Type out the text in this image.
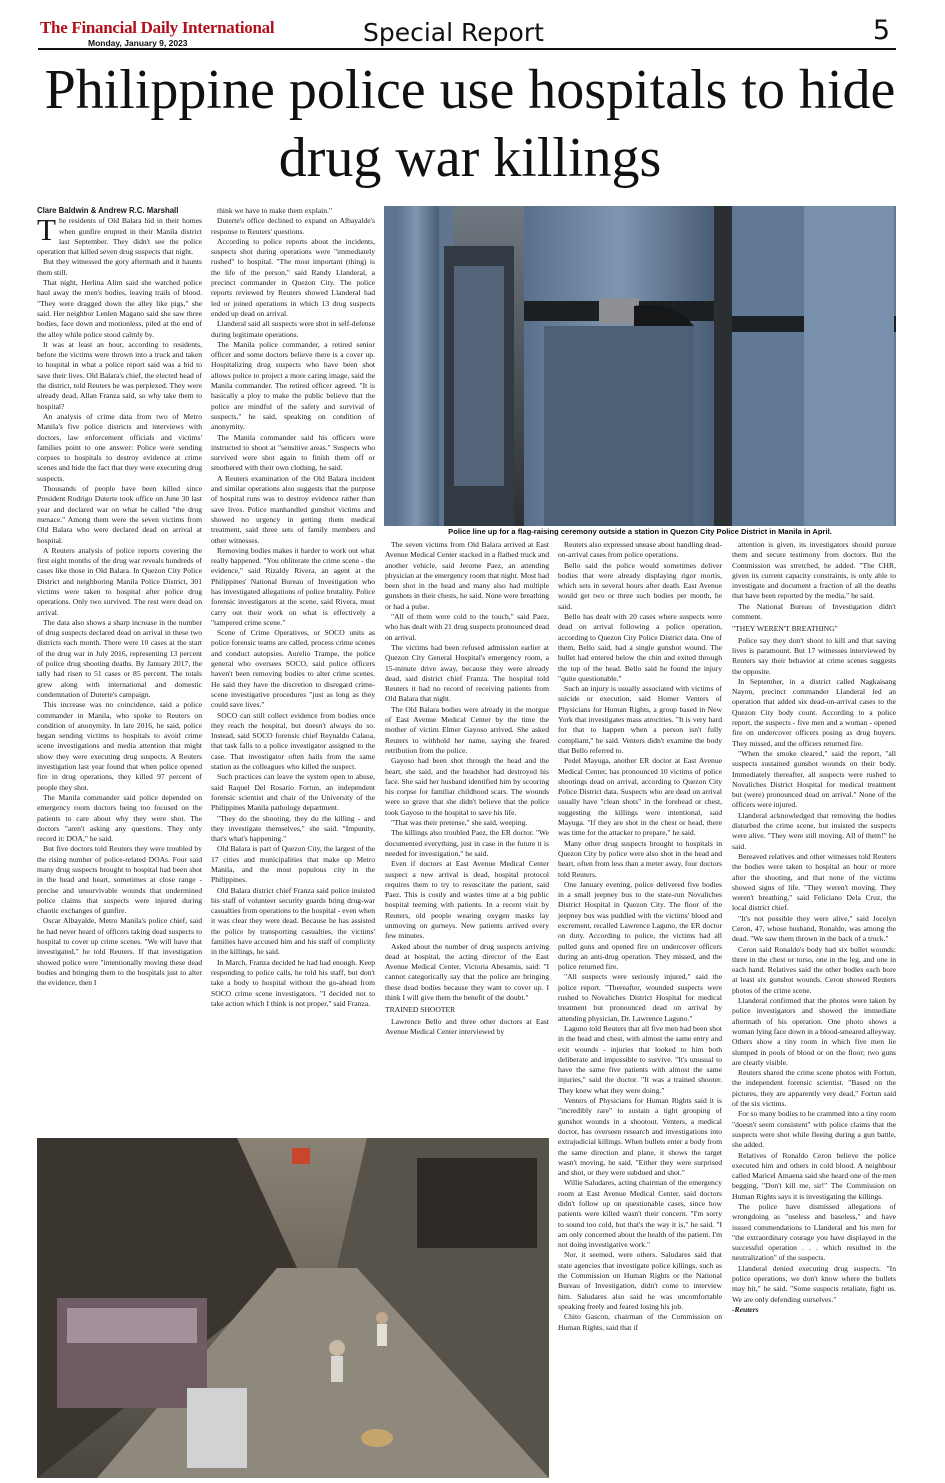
The Financial Daily International
Monday, January 9, 2023	Special Report	5
Philippine police use hospitals to hide drug war killings

Clare Baldwin & Andrew R.C. Marshall

The residents of Old Balara hid in their homes when gunfire erupted in their Manila district last September. They didn't see the police operation that killed seven drug suspects that night.

But they witnessed the gory aftermath and it haunts them still.

That night, Herlina Alim said she watched police haul away the men's bodies, leaving trails of blood. "They were dragged down the alley like pigs," she said. Her neighbor Lenlen Magano said she saw three bodies, face down and motionless, piled at the end of the alley while police stood calmly by.

It was at least an hour, according to residents, before the victims were thrown into a truck and taken to hospital in what a police report said was a bid to save their lives. Old Balara's chief, the elected head of the district, told Reuters he was perplexed. They were already dead, Allan Franza said, so why take them to hospital?

An analysis of crime data from two of Metro Manila's five police districts and interviews with doctors, law enforcement officials and victims' families point to one answer: Police were sending corpses to hospitals to destroy evidence at crime scenes and hide the fact that they were executing drug suspects.

Thousands of people have been killed since President Rodrigo Duterte took office on June 30 last year and declared war on what he called "the drug menace." Among them were the seven victims from Old Balara who were declared dead on arrival at hospital.

A Reuters analysis of police reports covering the first eight months of the drug war reveals hundreds of cases like those in Old Balara. In Quezon City Police District and neighboring Manila Police District, 301 victims were taken to hospital after police drug operations. Only two survived. The rest were dead on arrival.

The data also shows a sharp increase in the number of drug suspects declared dead on arrival in these two districts each month. There were 10 cases at the start of the drug war in July 2016, representing 13 percent of police drug shooting deaths. By January 2017, the tally had risen to 51 cases or 85 percent. The totals grew along with international and domestic condemnation of Duterte's campaign.

This increase was no coincidence, said a police commander in Manila, who spoke to Reuters on condition of anonymity. In late 2016, he said, police began sending victims to hospitals to avoid crime scene investigations and media attention that might show they were executing drug suspects. A Reuters investigation last year found that when police opened fire in drug operations, they killed 97 percent of people they shot.

The Manila commander said police depended on emergency room doctors being too focused on the patients to care about why they were shot. The doctors "aren't asking any questions. They only record it: DOA," he said.

But five doctors told Reuters they were troubled by the rising number of police-related DOAs. Four said many drug suspects brought to hospital had been shot in the head and heart, sometimes at close range - precise and unsurvivable wounds that undermined police claims that suspects were injured during chaotic exchanges of gunfire.

Oscar Albayalde, Metro Manila's police chief, said he had never heard of officers taking dead suspects to hospital to cover up crime scenes. "We will have that investigated," he told Reuters. If that investigation showed police were "intentionally moving these dead bodies and bringing them to the hospitals just to alter the evidence, then I

think we have to make them explain."

Duterte's office declined to expand on Albayalde's response to Reuters' questions.

According to police reports about the incidents, suspects shot during operations were "immediately rushed" to hospital. "The most important (thing) is the life of the person," said Randy Llanderal, a precinct commander in Quezon City. The police reports reviewed by Reuters showed Llanderal had led or joined operations in which 13 drug suspects ended up dead on arrival.

Llanderal said all suspects were shot in self-defense during legitimate operations.

The Manila police commander, a retired senior officer and some doctors believe there is a cover up. Hospitalizing drug suspects who have been shot allows police to project a more caring image, said the Manila commander. The retired officer agreed. "It is basically a ploy to make the public believe that the police are mindful of the safety and survival of suspects," he said, speaking on condition of anonymity.

The Manila commander said his officers were instructed to shoot at "sensitive areas." Suspects who survived were shot again to finish them off or smothered with their own clothing, he said.

A Reuters examination of the Old Balara incident and similar operations also suggests that the purpose of hospital runs was to destroy evidence rather than save lives. Police manhandled gunshot victims and showed no urgency in getting them medical treatment, said three sets of family members and other witnesses.

Removing bodies makes it harder to work out what really happened. "You obliterate the crime scene - the evidence," said Rizaldy Rivera, an agent at the Philippines' National Bureau of Investigation who has investigated allegations of police brutality. Police forensic investigators at the scene, said Rivera, must carry out their work on what is effectively a "tampered crime scene."

Scene of Crime Operatives, or SOCO units as police forensic teams are called, process crime scenes and conduct autopsies. Aurelio Trampe, the police general who oversees SOCO, said police officers haven't been removing bodies to alter crime scenes. He said they have the discretion to disregard crime-scene investigative procedures "just as long as they could save lives."

SOCO can still collect evidence from bodies once they reach the hospital, but doesn't always do so. Instead, said SOCO forensic chief Reynaldo Calaoa, that task falls to a police investigator assigned to the case. That investigator often hails from the same station as the colleagues who killed the suspect.

Such practices can leave the system open to abuse, said Raquel Del Rosario Fortun, an independent forensic scientist and chair of the University of the Philippines Manila pathology department.

"They do the shooting, they do the killing - and they investigate themselves," she said. "Impunity, that's what's happening."

Old Balara is part of Quezon City, the largest of the 17 cities and municipalities that make up Metro Manila, and the most populous city in the Philippines.

Old Balara district chief Franza said police insisted his staff of volunteer security guards bring drug-war casualties from operations to the hospital - even when it was clear they were dead. Because he has assisted the police by transporting casualties, the victims' families have accused him and his staff of complicity in the killings, he said.

In March, Franza decided he had had enough. Keep responding to police calls, he told his staff, but don't take a body to hospital without the go-ahead from SOCO crime scene investigators. "I decided not to take action which I think is not proper," said Franza.

Police line up for a flag-raising ceremony outside a station in Quezon City Police District in Manila in April.

The seven victims from Old Balara arrived at East Avenue Medical Center stacked in a flatbed truck and another vehicle, said Jerome Paez, an attending physician at the emergency room that night. Most had been shot in the head and many also had multiple gunshots in their chests, he said. None were breathing or had a pulse.

"All of them were cold to the touch," said Paez, who has dealt with 21 drug suspects pronounced dead on arrival.

The victims had been refused admission earlier at Quezon City General Hospital's emergency room, a 15-minute drive away, because they were already dead, said district chief Franza. The hospital told Reuters it had no record of receiving patients from Old Balara that night.

The Old Balara bodies were already in the morgue of East Avenue Medical Center by the time the mother of victim Elmer Gayoso arrived. She asked Reuters to withhold her name, saying she feared retribution from the police.

Gayoso had been shot through the head and the heart, she said, and the headshot had destroyed his face. She said her husband identified him by scouring his corpse for familiar childhood scars. The wounds were so grave that she didn't believe that the police took Gayoso to the hospital to save his life.

"That was their pretense," she said, weeping.

The killings also troubled Paez, the ER doctor. "We documented everything, just in case in the future it is needed for investigation," he said.

Even if doctors at East Avenue Medical Center suspect a new arrival is dead, hospital protocol requires them to try to resuscitate the patient, said Paez. This is costly and wastes time at a big public hospital teeming with patients. In a recent visit by Reuters, old people wearing oxygen masks lay unmoving on gurneys. New patients arrived every few minutes.

Asked about the number of drug suspects arriving dead at hospital, the acting director of the East Avenue Medical Center, Victoria Abesamis, said: "I cannot categorically say that the police are bringing these dead bodies because they want to cover up. I think I will give them the benefit of the doubt."

TRAINED SHOOTER

Lawrence Bello and three other doctors at East Avenue Medical Center interviewed by

Reuters also expressed unease about handling dead-on-arrival cases from police operations.

Bello said the police would sometimes deliver bodies that were already displaying rigor mortis, which sets in several hours after death. East Avenue would get two or three such bodies per month, he said.

Bello has dealt with 20 cases where suspects were dead on arrival following a police operation, according to Quezon City Police District data. One of them, Bello said, had a single gunshot wound. The bullet had entered below the chin and exited through the top of the head. Bello said he found the injury "quite questionable."

Such an injury is usually associated with victims of suicide or execution, said Homer Venters of Physicians for Human Rights, a group based in New York that investigates mass atrocities. "It is very hard for that to happen when a person isn't fully compliant," he said. Venters didn't examine the body that Bello referred to.

Pedel Mayuga, another ER doctor at East Avenue Medical Center, has pronounced 10 victims of police shootings dead on arrival, according to Quezon City Police District data. Suspects who are dead on arrival usually have "clean shots" in the forehead or chest, suggesting the killings were intentional, said Mayuga. "If they are shot in the chest or head, there was time for the attacker to prepare," he said.

Many other drug suspects brought to hospitals in Quezon City by police were also shot in the head and heart, often from less than a meter away, four doctors told Reuters.

One January evening, police delivered five bodies in a small jeepney bus to the state-run Novaliches District Hospital in Quezon City. The floor of the jeepney bus was puddled with the victims' blood and excrement, recalled Lawrence Laguno, the ER doctor on duty. According to police, the victims had all pulled guns and opened fire on undercover officers during an anti-drug operation. They missed, and the police returned fire.

"All suspects were seriously injured," said the police report. "Thereafter, wounded suspects were rushed to Novaliches District Hospital for medical treatment but pronounced dead on arrival by attending physician, Dr. Lawrence Laguno."

Laguno told Reuters that all five men had been shot in the head and chest, with almost the same entry and exit wounds - injuries that looked to him both deliberate and impossible to survive. "It's unusual to have the same five patients with almost the same injuries," said the doctor. "It was a trained shooter. They knew what they were doing."

Venters of Physicians for Human Rights said it is "incredibly rare" to sustain a tight grouping of gunshot wounds in a shootout. Venters, a medical doctor, has overseen research and investigations into extrajudicial killings. When bullets enter a body from the same direction and plane, it shows the target wasn't moving, he said. "Either they were surprised and shot, or they were subdued and shot."

Willie Saludares, acting chairman of the emergency room at East Avenue Medical Center, said doctors didn't follow up on questionable cases, since how patients were killed wasn't their concern. "I'm sorry to sound too cold, but that's the way it is," he said. "I am only concerned about the health of the patient. I'm not doing investigative work."

Nor, it seemed, were others. Saludares said that state agencies that investigate police killings, such as the Commission on Human Rights or the National Bureau of Investigation, didn't come to interview him. Saludares also said he was uncomfortable speaking freely and feared losing his job.

Chito Gascon, chairman of the Commission on Human Rights, said that if

attention is given, its investigators should pursue them and secure testimony from doctors. But the Commission was stretched, he added. "The CHR, given its current capacity constraints, is only able to investigate and document a fraction of all the deaths that have been reported by the media," he said.

The National Bureau of Investigation didn't comment.

"THEY WEREN'T BREATHING"

Police say they don't shoot to kill and that saving lives is paramount. But 17 witnesses interviewed by Reuters say their behavior at crime scenes suggests the opposite.

In September, in a district called Nagkaisang Nayon, precinct commander Llanderal led an operation that added six dead-on-arrival cases to the Quezon City body count. According to a police report, the suspects - five men and a woman - opened fire on undercover officers posing as drug buyers. They missed, and the officers returned fire.

"When the smoke cleared," said the report, "all suspects sustained gunshot wounds on their body. Immediately thereafter, all suspects were rushed to Novaliches District Hospital for medical treatment but (were) pronounced dead on arrival." None of the officers were injured.

Llanderal acknowledged that removing the bodies disturbed the crime scene, but insisted the suspects were alive. "They were still moving. All of them!" he said.

Bereaved relatives and other witnesses told Reuters the bodies were taken to hospital an hour or more after the shooting, and that none of the victims showed signs of life. "They weren't moving. They weren't breathing," said Feliciano Dela Cruz, the local district chief.

"It's not possible they were alive," said Jocelyn Ceron, 47, whose husband, Ronaldo, was among the dead. "We saw them thrown in the back of a truck."

Ceron said Ronaldo's body had six bullet wounds: three in the chest or torso, one in the leg, and one in each hand. Relatives said the other bodies each bore at least six gunshot wounds. Ceron showed Reuters photos of the crime scene.

Llanderal confirmed that the photos were taken by police investigators and showed the immediate aftermath of his operation. One photo shows a woman lying face down in a blood-smeared alleyway. Others show a tiny room in which five men lie slumped in pools of blood or on the floor; two guns are clearly visible.

Reuters shared the crime scene photos with Fortun, the independent forensic scientist. "Based on the pictures, they are apparently very dead," Fortun said of the six victims.

For so many bodies to be crammed into a tiny room "doesn't seem consistent" with police claims that the suspects were shot while fleeing during a gun battle, she added.

Relatives of Ronaldo Ceron believe the police executed him and others in cold blood. A neighbour called Maricel Amaena said she heard one of the men begging, "Don't kill me, sir!" The Commission on Human Rights says it is investigating the killings.

The police have dismissed allegations of wrongdoing as "useless and baseless," and have issued commendations to Llanderal and his men for "the extraordinary courage you have displayed in the successful operation . . . which resulted in the neutralization" of the suspects.

Llanderal denied executing drug suspects. "In police operations, we don't know where the bullets may hit," he said. "Some suspects retaliate, fight us. We are only defending ourselves."

-Reuters
